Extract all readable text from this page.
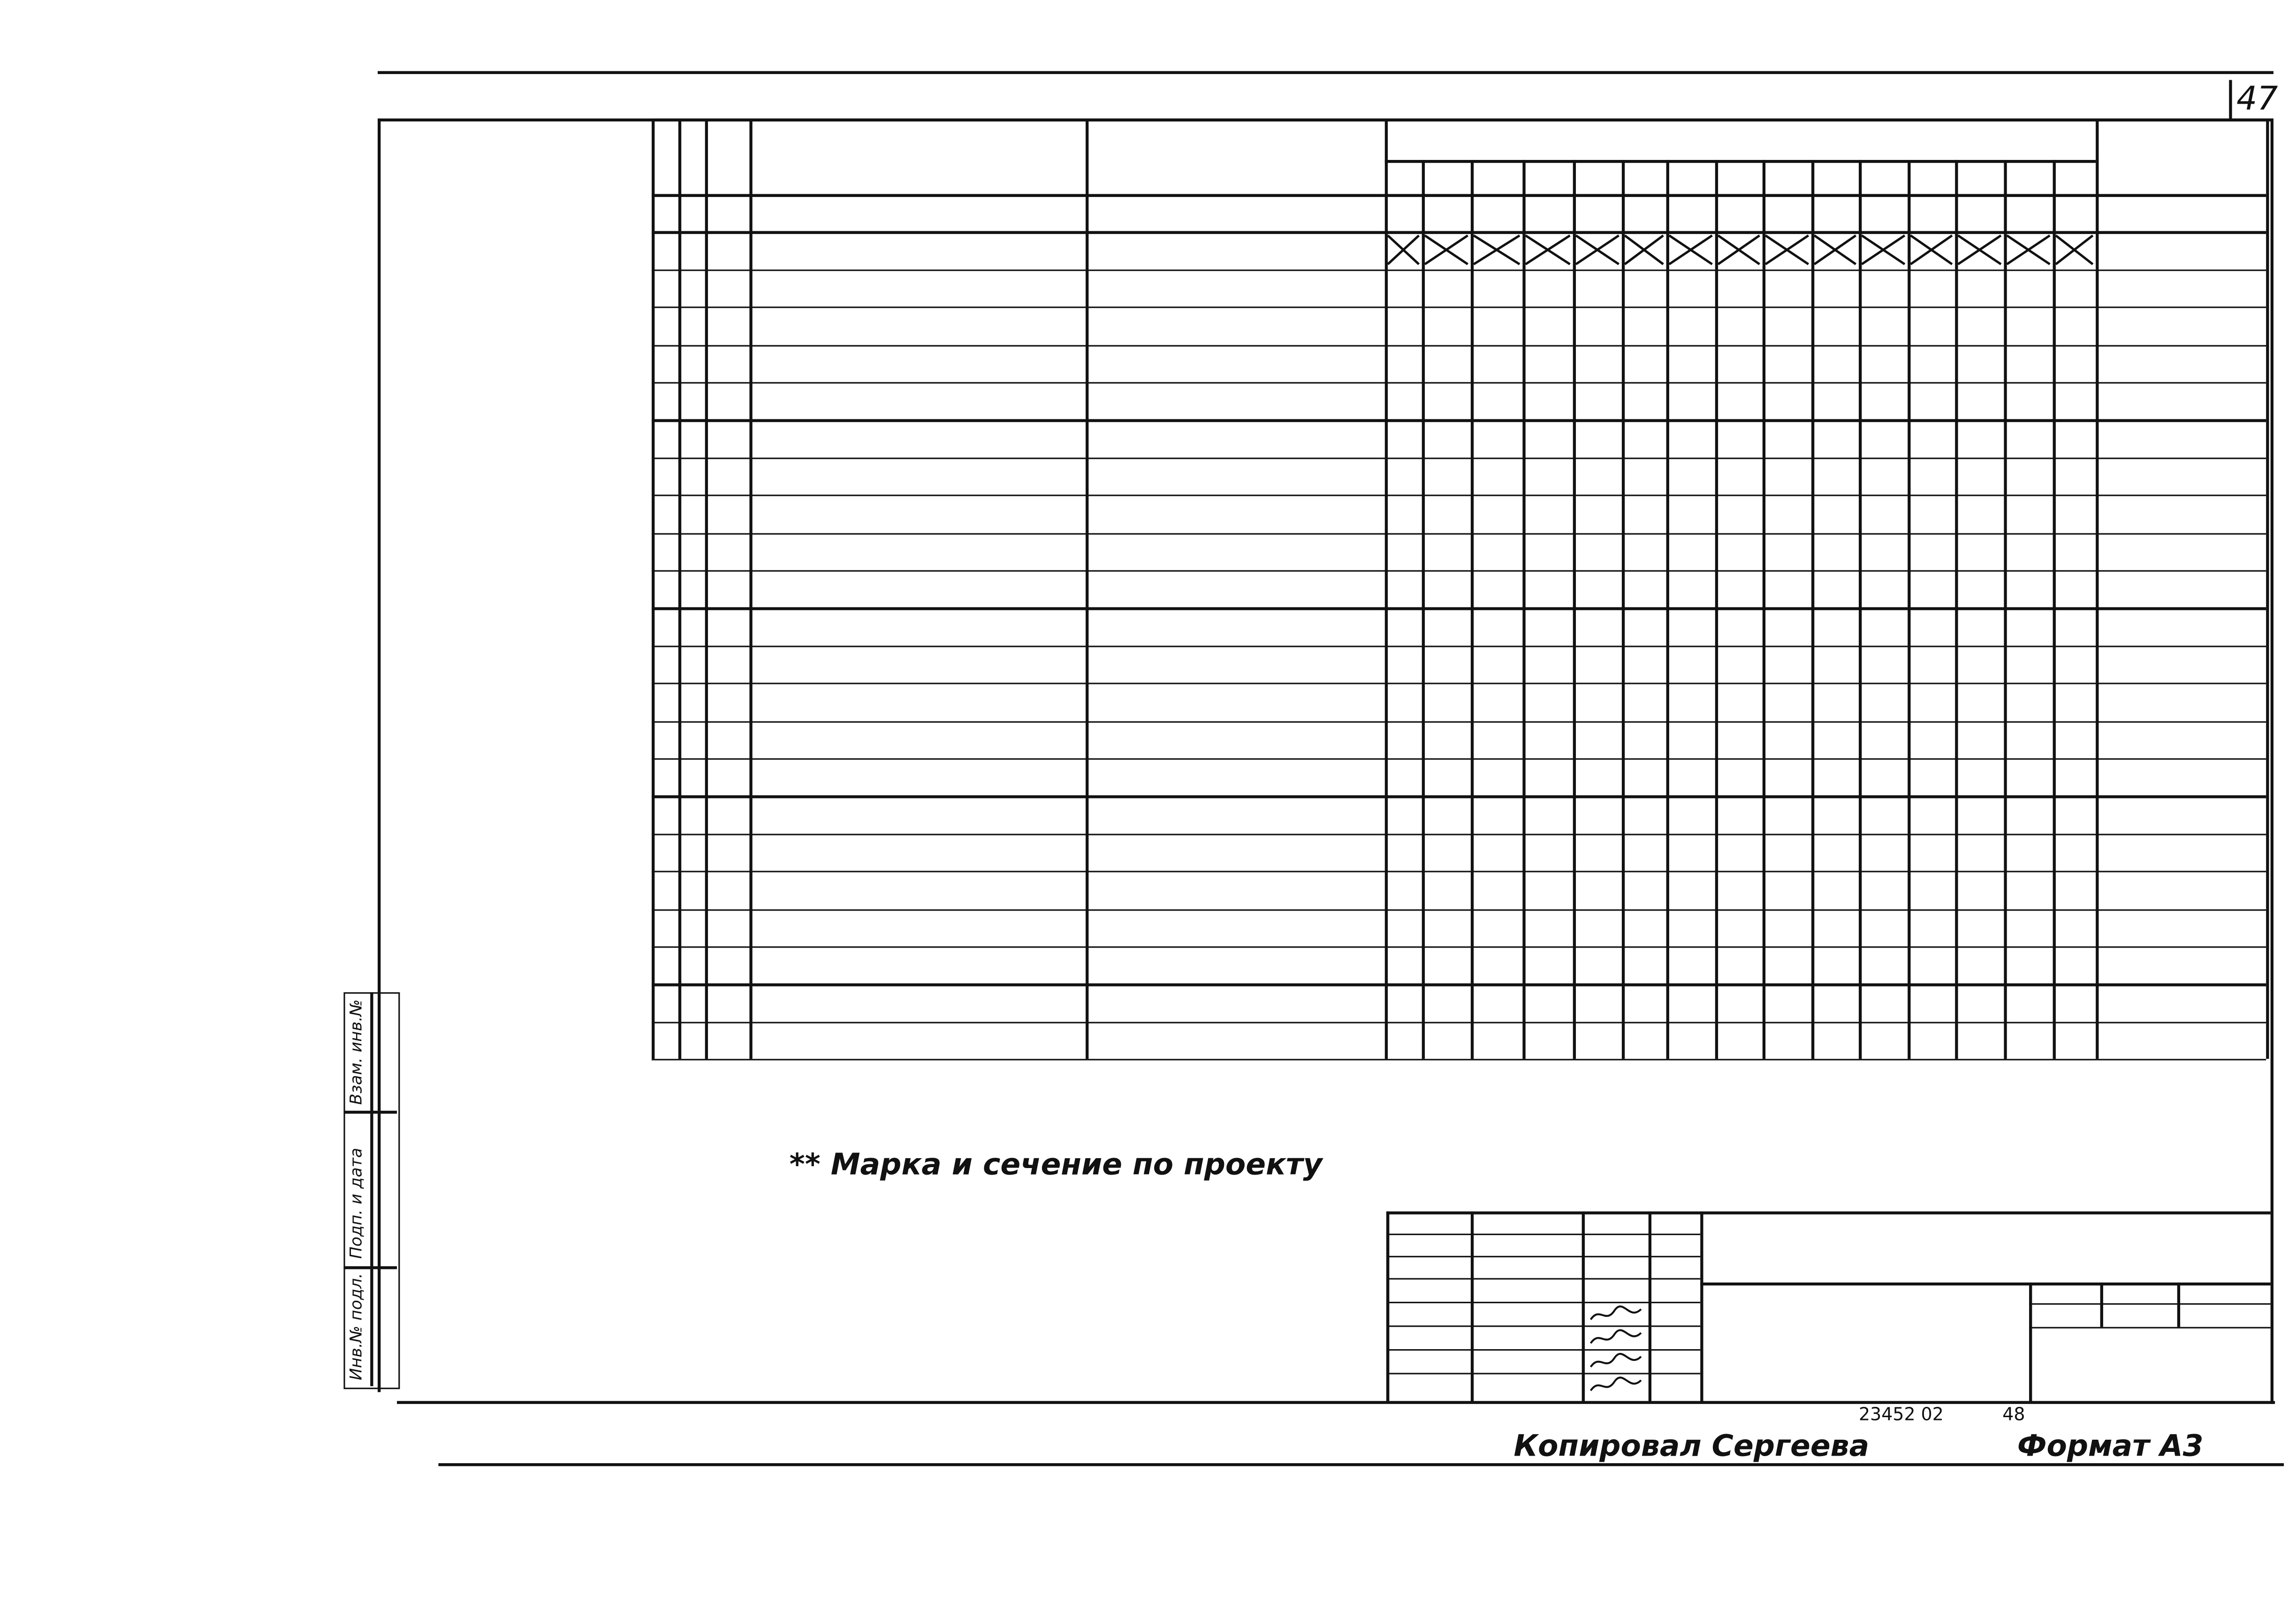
47
Инв.№ подл.
Подп. и дата
Взам. инв.№
** Марка и сечение по проекту
23452 02	48
Копировал Сергеева	Формат А3
